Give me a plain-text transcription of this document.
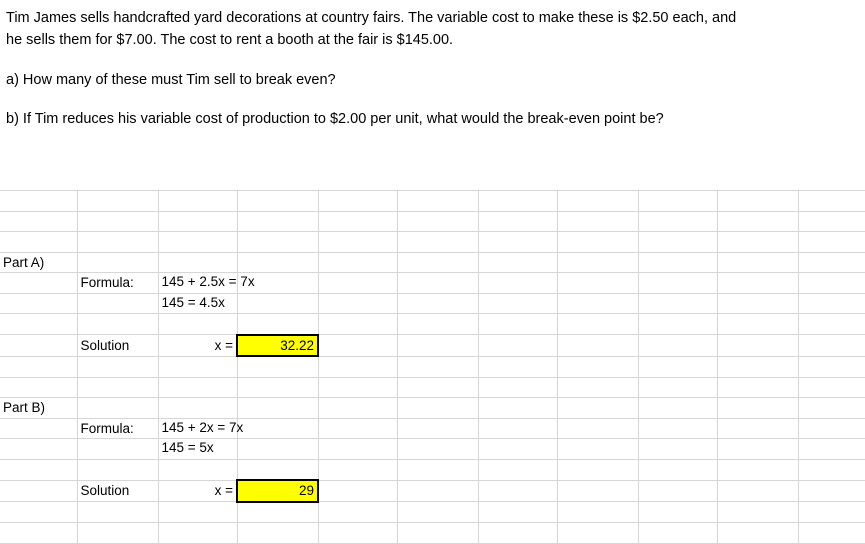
Tim James sells handcrafted yard decorations at country fairs. The variable cost to make these is $2.50 each, and

he sells them for $7.00. The cost to rent a booth at the fair is $145.00.

a) How many of these must Tim sell to break even?

b) If Tim reduces his variable cost of production to $2.00 per unit, what would the break-even point be?

Part A)										
	Formula:	145 + 2.5x = 7x								

		145 = 4.5x								

	Solution	x =	32.22							

Part B)										
	Formula:	145 + 2x = 7x								

		145 = 5x								

	Solution	x =	29							
